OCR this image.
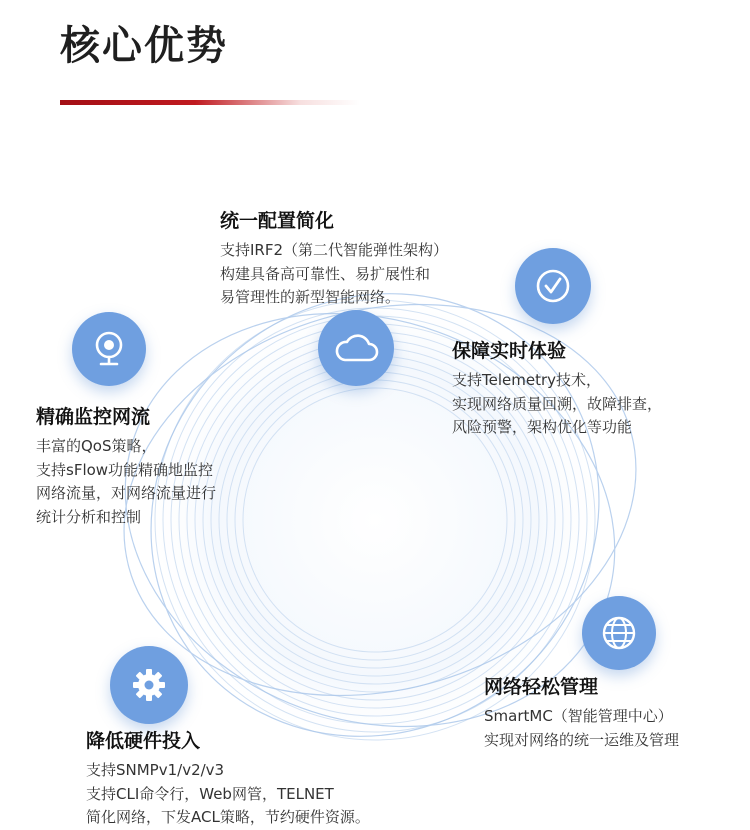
核心优势
统一配置简化
支持IRF2（第二代智能弹性架构）
构建具备高可靠性、易扩展性和
易管理性的新型智能网络。
保障实时体验
支持Telemetry技术，
实现网络质量回溯，故障排查，
风险预警，架构优化等功能
精确监控网流
丰富的QoS策略，
支持sFlow功能精确地监控
网络流量，对网络流量进行
统计分析和控制
网络轻松管理
SmartMC（智能管理中心）
实现对网络的统一运维及管理
降低硬件投入
支持SNMPv1/v2/v3
支持CLI命令行，Web网管，TELNET
简化网络，下发ACL策略，节约硬件资源。
